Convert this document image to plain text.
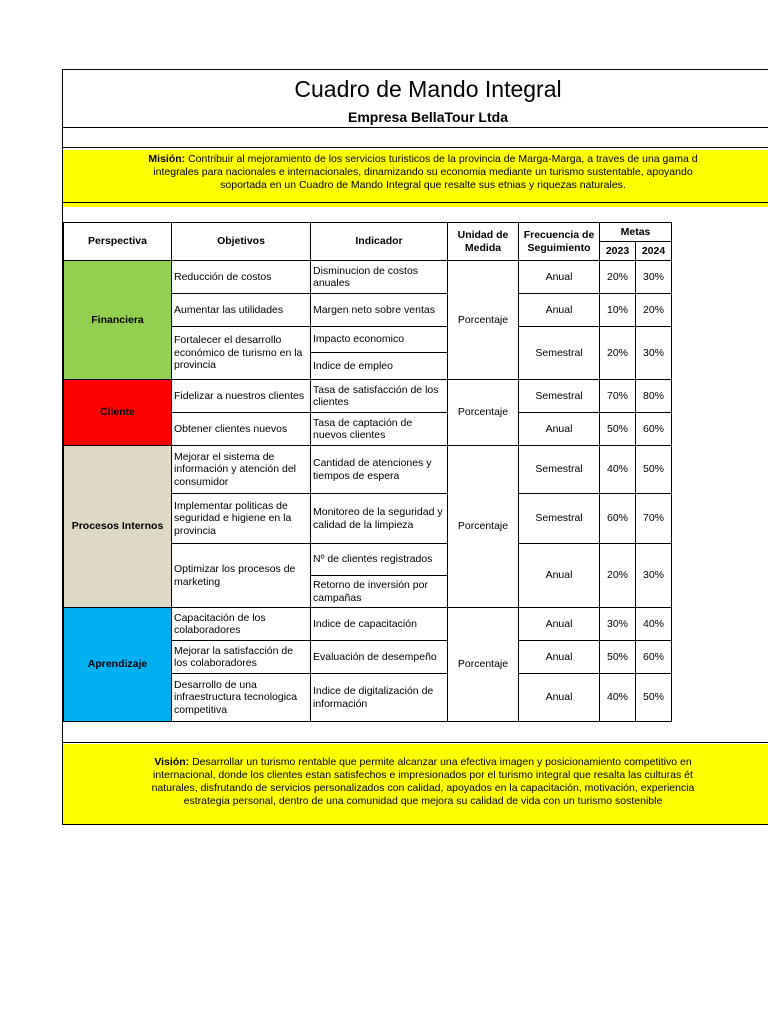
Cuadro de Mando Integral
Empresa BellaTour Ltda
Misión: Contribuir al mejoramiento de los servicios turisticos de la provincia de Marga-Marga, a traves de una gama d
integrales para nacionales e internacionales, dinamizando su economia mediante un turismo sustentable, apoyando
soportada en un Cuadro de Mando Integral que resalte sus etnias y riquezas naturales.
Perspectiva	Objetivos	Indicador	Unidad de Medida	Frecuencia de Seguimiento	Metas	
					2023	2024
Financiera	Reducción de costos	Disminucion de costos anuales	Porcentaje	Anual	20%	30%
	Aumentar las utilidades	Margen neto sobre ventas		Anual	10%	20%
	Fortalecer el desarrollo económico de turismo en la provincia	Impacto economico		Semestral	20%	30%
		Indice de empleo				
Cliente	Fidelizar a nuestros clientes	Tasa de satisfacción de los clientes	Porcentaje	Semestral	70%	80%
	Obtener clientes nuevos	Tasa de captación de nuevos clientes		Anual	50%	60%
Procesos Internos	Mejorar el sistema de información y atención del consumidor	Cantidad de atenciones y tiempos de espera	Porcentaje	Semestral	40%	50%
	Implementar politicas de seguridad e higiene en la provincia	Monitoreo de la seguridad y calidad de la limpieza		Semestral	60%	70%
	Optimizar los procesos de marketing	Nº de clientes registrados		Anual	20%	30%
		Retorno de inversión por campañas				
Aprendizaje	Capacitación de los colaboradores	Indice de capacitación	Porcentaje	Anual	30%	40%
	Mejorar la satisfacción de los colaboradores	Evaluación de desempeño		Anual	50%	60%
	Desarrollo de una infraestructura tecnologica competitiva	Indice de digitalización de información		Anual	40%	50%
Visión: Desarrollar un turismo rentable que permite alcanzar una efectiva imagen y posicionamiento competitivo en
internacional, donde los clientes estan satisfechos e impresionados por el turismo integral que resalta las culturas ét
naturales, disfrutando de servicios personalizados con calidad, apoyados en la capacitación, motivación, experiencia
estrategia personal, dentro de una comunidad que mejora su calidad de vida con un turismo sostenible
